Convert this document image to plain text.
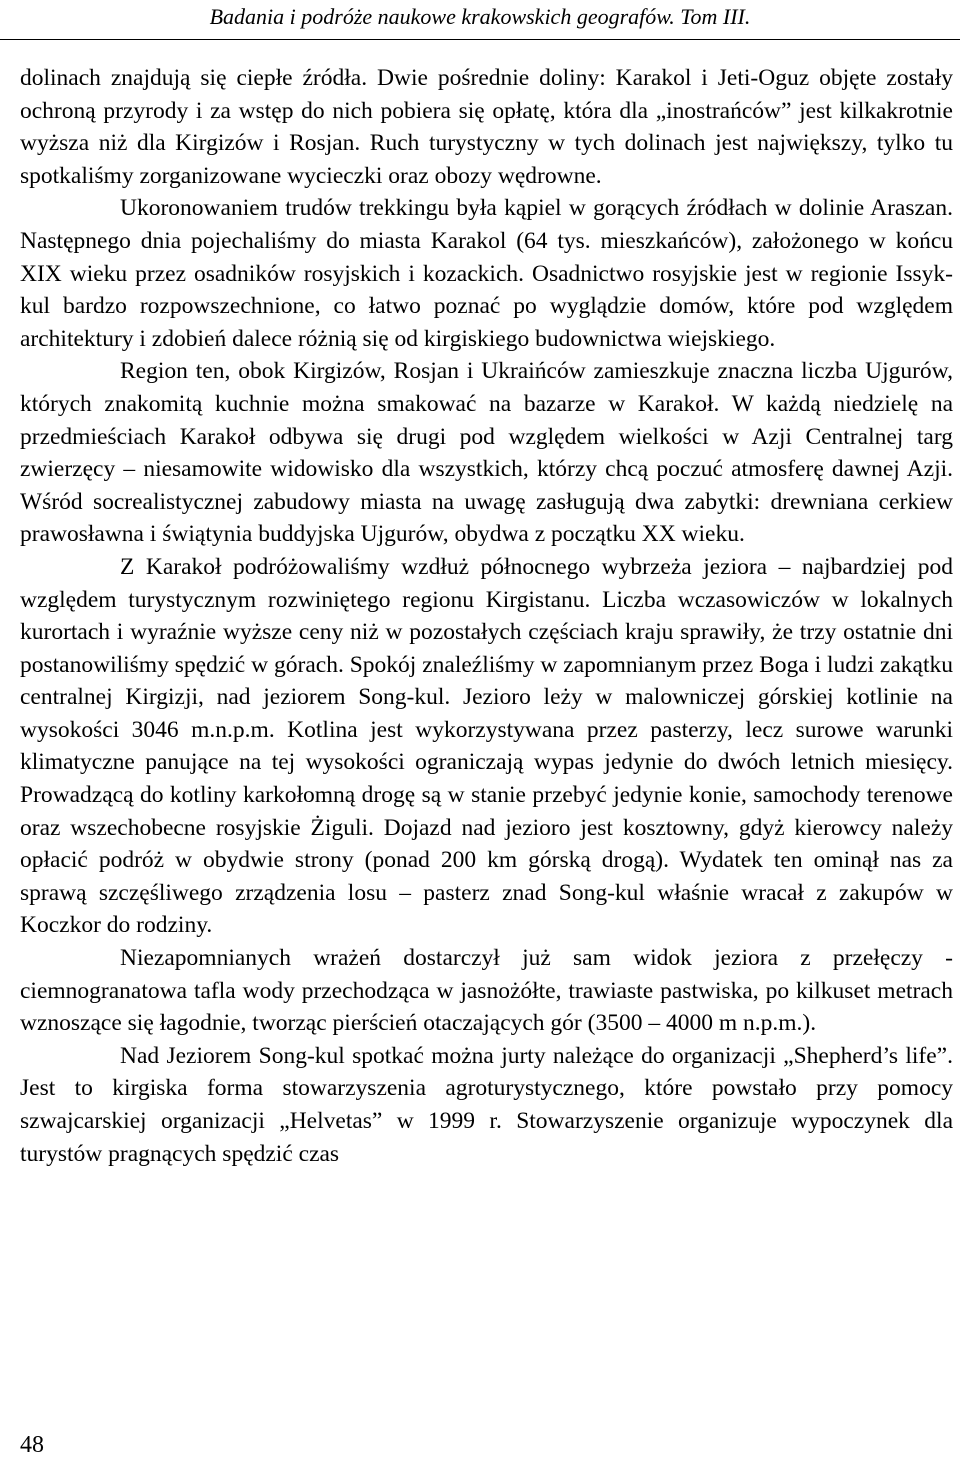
Badania i podróże naukowe krakowskich geografów. Tom III.

dolinach znajdują się ciepłe źródła. Dwie pośrednie doliny: Karakol i Jeti-Oguz objęte zostały ochroną przyrody i za wstęp do nich pobiera się opłatę, która dla „inostrańców” jest kilkakrotnie wyższa niż dla Kirgizów i Rosjan. Ruch turystyczny w tych dolinach jest największy, tylko tu spotkaliśmy zorganizowane wycieczki oraz obozy wędrowne.

Ukoronowaniem trudów trekkingu była kąpiel w gorących źródłach w dolinie Araszan. Następnego dnia pojechaliśmy do miasta Karakol (64 tys. mieszkańców), założonego w końcu XIX wieku przez osadników rosyjskich i kozackich. Osadnictwo rosyjskie jest w regionie Issyk-kul bardzo rozpowszechnione, co łatwo poznać po wyglądzie domów, które pod względem architektury i zdobień dalece różnią się od kirgiskiego budownictwa wiejskiego.

Region ten, obok Kirgizów, Rosjan i Ukraińców zamieszkuje znaczna liczba Ujgurów, których znakomitą kuchnie można smakować na bazarze w Karakoł. W każdą niedzielę na przedmieściach Karakoł odbywa się drugi pod względem wielkości w Azji Centralnej targ zwierzęcy – niesamowite widowisko dla wszystkich, którzy chcą poczuć atmosferę dawnej Azji. Wśród socrealistycznej zabudowy miasta na uwagę zasługują dwa zabytki: drewniana cerkiew prawosławna i świątynia buddyjska Ujgurów, obydwa z początku XX wieku.

Z Karakoł podróżowaliśmy wzdłuż północnego wybrzeża jeziora – najbardziej pod względem turystycznym rozwiniętego regionu Kirgistanu. Liczba wczasowiczów w lokalnych kurortach i wyraźnie wyższe ceny niż w pozostałych częściach kraju sprawiły, że trzy ostatnie dni postanowiliśmy spędzić w górach. Spokój znaleźliśmy w zapomnianym przez Boga i ludzi zakątku centralnej Kirgizji, nad jeziorem Song-kul. Jezioro leży w malowniczej górskiej kotlinie na wysokości 3046 m.n.p.m. Kotlina jest wykorzystywana przez pasterzy, lecz surowe warunki klimatyczne panujące na tej wysokości ograniczają wypas jedynie do dwóch letnich miesięcy. Prowadzącą do kotliny karkołomną drogę są w stanie przebyć jedynie konie, samochody terenowe oraz wszechobecne rosyjskie Żiguli. Dojazd nad jezioro jest kosztowny, gdyż kierowcy należy opłacić podróż w obydwie strony (ponad 200 km górską drogą). Wydatek ten ominął nas za sprawą szczęśliwego zrządzenia losu – pasterz znad Song-kul właśnie wracał z zakupów w Koczkor do rodziny.

Niezapomnianych wrażeń dostarczył już sam widok jeziora z przełęczy - ciemnogranatowa tafla wody przechodząca w jasnożółte, trawiaste pastwiska, po kilkuset metrach wznoszące się łagodnie, tworząc pierścień otaczających gór (3500 – 4000 m n.p.m.).

Nad Jeziorem Song-kul spotkać można jurty należące do organizacji „Shepherd’s life”. Jest to kirgiska forma stowarzyszenia agroturystycznego, które powstało przy pomocy szwajcarskiej organizacji „Helvetas” w 1999 r. Stowarzyszenie organizuje wypoczynek dla turystów pragnących spędzić czas

48
